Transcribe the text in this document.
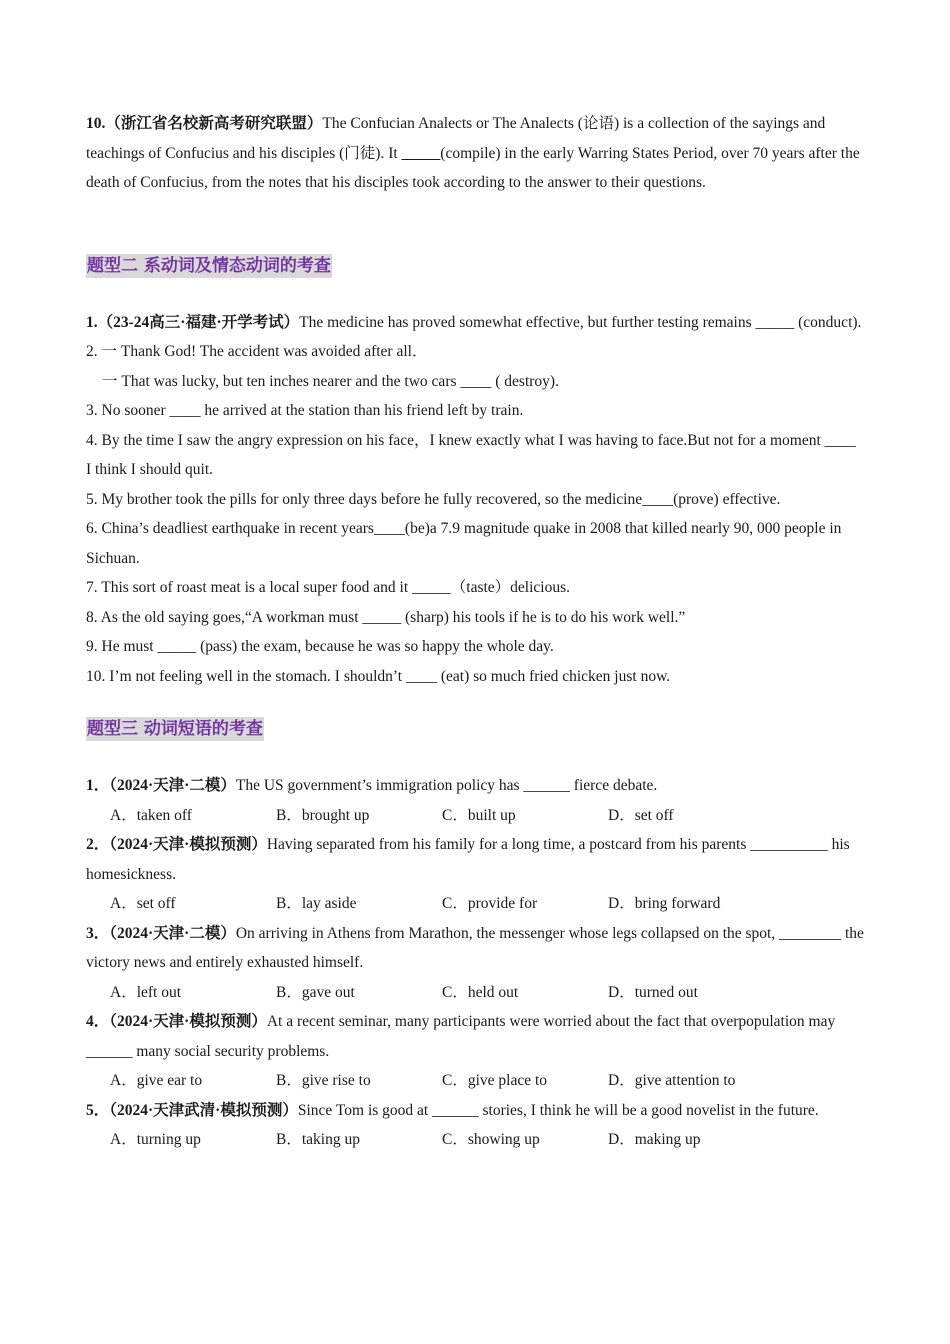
10.（浙江省名校新高考研究联盟）The Confucian Analects or The Analects (论语) is a collection of the sayings and teachings of Confucius and his disciples (门徒). It _____(compile) in the early Warring States Period, over 70 years after the death of Confucius, from the notes that his disciples took according to the answer to their questions.

题型二 系动词及情态动词的考查

1.（23-24高三·福建·开学考试）The medicine has proved somewhat effective, but further testing remains _____ (conduct).

2. 一 Thank God! The accident was avoided after all．

一 That was lucky, but ten inches nearer and the two cars ____ ( destroy).

3. No sooner ____ he arrived at the station than his friend left by train.

4. By the time I saw the angry expression on his face，I knew exactly what I was having to face.But not for a moment ____  I think I should quit.

5. My brother took the pills for only three days before he fully recovered, so the medicine____(prove) effective.

6. China’s deadliest earthquake in recent years____(be)a 7.9 magnitude quake in 2008 that killed nearly 90, 000 people in Sichuan.

7. This sort of roast meat is a local super food and it _____（taste）delicious.

8. As the old saying goes,“A workman must _____ (sharp) his tools if he is to do his work well.”

9. He must _____ (pass) the exam, because he was so happy the whole day.

10. I’m not feeling well in the stomach. I shouldn’t ____ (eat) so much fried chicken just now.

题型三 动词短语的考查

1．（2024·天津·二模）The US government’s immigration policy has ______ fierce debate.

A．taken off	B．brought up	C．built up	D．set off

2．（2024·天津·模拟预测）Having separated from his family for a long time, a postcard from his parents __________ his homesickness.

A．set off	B．lay aside	C．provide for	D．bring forward

3．（2024·天津·二模）On arriving in Athens from Marathon, the messenger whose legs collapsed on the spot, ________ the victory news and entirely exhausted himself.

A．left out	B．gave out	C．held out	D．turned out

4．（2024·天津·模拟预测）At a recent seminar, many participants were worried about the fact that overpopulation may ______ many social security problems.

A．give ear to	B．give rise to	C．give place to	D．give attention to

5．（2024·天津武清·模拟预测）Since Tom is good at ______ stories, I think he will be a good novelist in the future.

A．turning up	B．taking up	C．showing up	D．making up
